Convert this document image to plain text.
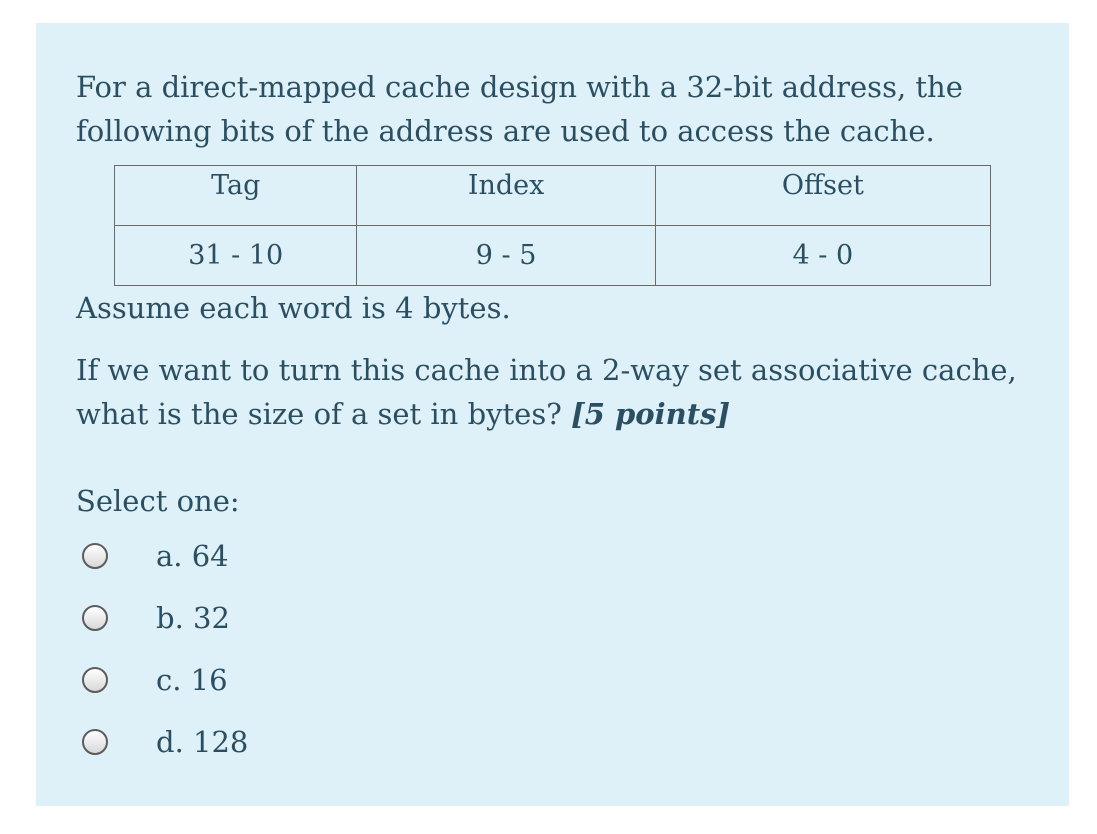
For a direct-mapped cache design with a 32-bit address, the following bits of the address are used to access the cache.

Tag	Index	Offset
31 - 10	9 - 5	4 - 0

Assume each word is 4 bytes.

If we want to turn this cache into a 2-way set associative cache, what is the size of a set in bytes? [5 points]

Select one:

a. 64
b. 32
c. 16
d. 128
